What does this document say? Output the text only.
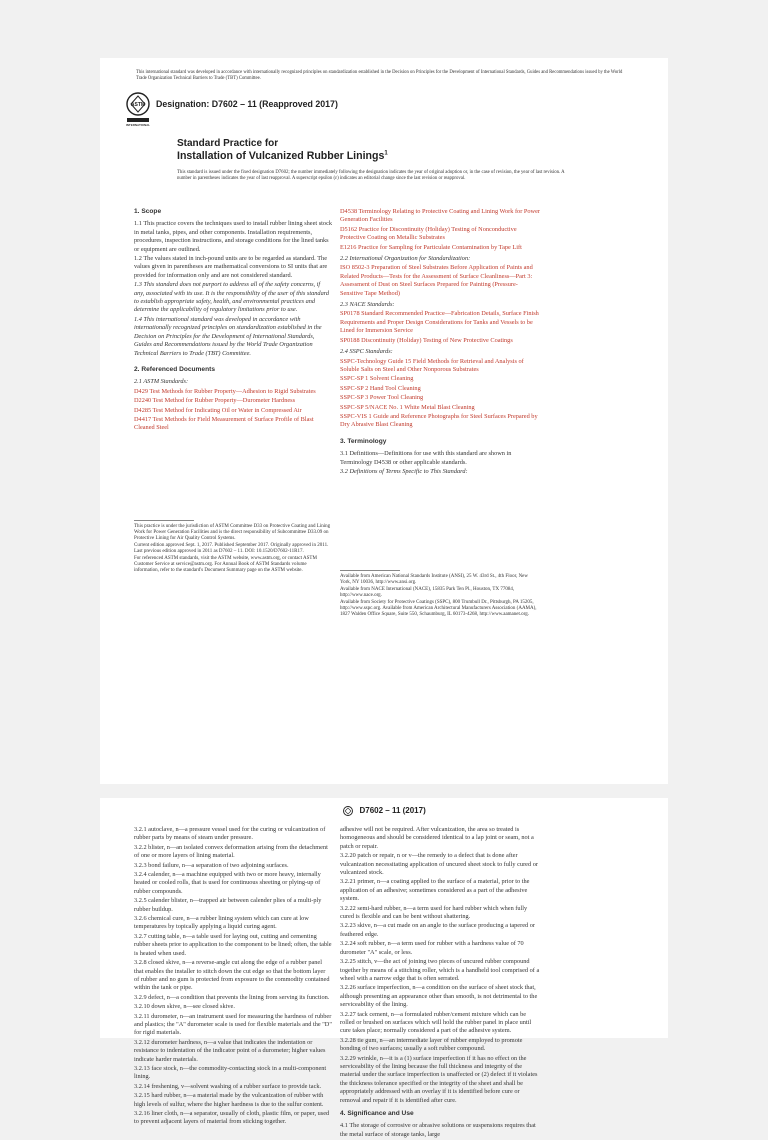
This international standard was developed in accordance with internationally recognized principles on standardization established in the Decision on Principles for the Development of International Standards, Guides and Recommendations issued by the World Trade Organization Technical Barriers to Trade (TBT) Committee.
ASTM
INTERNATIONAL
Designation: D7602 – 11 (Reapproved 2017)
Standard Practice for
Installation of Vulcanized Rubber Linings$^1$
This standard is issued under the fixed designation D7602; the number immediately following the designation indicates the year of original adoption or, in the case of revision, the year of last revision. A number in parentheses indicates the year of last reapproval. A superscript epsilon (ε) indicates an editorial change since the last revision or reapproval.
1. Scope

1.1 This practice covers the techniques used to install rubber lining sheet stock in metal tanks, pipes, and other components. Installation requirements, procedures, inspection instructions, and storage conditions for the lined tanks or equipment are outlined.

1.2 The values stated in inch-pound units are to be regarded as standard. The values given in parentheses are mathematical conversions to SI units that are provided for information only and are not considered standard.

1.3 This standard does not purport to address all of the safety concerns, if any, associated with its use. It is the responsibility of the user of this standard to establish appropriate safety, health, and environmental practices and determine the applicability of regulatory limitations prior to use.

1.4 This international standard was developed in accordance with internationally recognized principles on standardization established in the Decision on Principles for the Development of International Standards, Guides and Recommendations issued by the World Trade Organization Technical Barriers to Trade (TBT) Committee.

2. Referenced Documents

2.1 ASTM Standards:

D429 Test Methods for Rubber Property—Adhesion to Rigid Substrates

D2240 Test Method for Rubber Property—Durometer Hardness

D4285 Test Method for Indicating Oil or Water in Compressed Air

D4417 Test Methods for Field Measurement of Surface Profile of Blast Cleaned Steel

This practice is under the jurisdiction of ASTM Committee D33 on Protective Coating and Lining Work for Power Generation Facilities and is the direct responsibility of Subcommittee D33.09 on Protective Lining for Air Quality Control Systems.

Current edition approved Sept. 1, 2017. Published September 2017. Originally approved in 2011. Last previous edition approved in 2011 as D7602 – 11. DOI: 10.1520/D7602-11R17.

For referenced ASTM standards, visit the ASTM website, www.astm.org, or contact ASTM Customer Service at service@astm.org. For Annual Book of ASTM Standards volume information, refer to the standard's Document Summary page on the ASTM website.

D4538 Terminology Relating to Protective Coating and Lining Work for Power Generation Facilities

D5162 Practice for Discontinuity (Holiday) Testing of Nonconductive Protective Coating on Metallic Substrates

E1216 Practice for Sampling for Particulate Contamination by Tape Lift

2.2 International Organization for Standardization:

ISO 8502-3 Preparation of Steel Substrates Before Application of Paints and Related Products—Tests for the Assessment of Surface Cleanliness—Part 3: Assessment of Dust on Steel Surfaces Prepared for Painting (Pressure-Sensitive Tape Method)

2.3 NACE Standards:

SP0178 Standard Recommended Practice—Fabrication Details, Surface Finish Requirements and Proper Design Considerations for Tanks and Vessels to be Lined for Immersion Service

SP0188 Discontinuity (Holiday) Testing of New Protective Coatings

2.4 SSPC Standards:

SSPC-Technology Guide 15 Field Methods for Retrieval and Analysis of Soluble Salts on Steel and Other Nonporous Substrates

SSPC-SP 1 Solvent Cleaning

SSPC-SP 2 Hand Tool Cleaning

SSPC-SP 3 Power Tool Cleaning

SSPC-SP 5/NACE No. 1 White Metal Blast Cleaning

SSPC-VIS 1 Guide and Reference Photographs for Steel Surfaces Prepared by Dry Abrasive Blast Cleaning

3. Terminology

3.1 Definitions—Definitions for use with this standard are shown in Terminology D4538 or other applicable standards.

3.2 Definitions of Terms Specific to This Standard:

Available from American National Standards Institute (ANSI), 25 W. 43rd St., 4th Floor, New York, NY 10036, http://www.ansi.org.

Available from NACE International (NACE), 15835 Park Ten Pl., Houston, TX 77084, http://www.nace.org.

Available from Society for Protective Coatings (SSPC), 800 Trumbull Dr., Pittsburgh, PA 15205, http://www.sspc.org. Available from American Architectural Manufacturers Association (AAMA), 1827 Walden Office Square, Suite 550, Schaumburg, IL 60173-4268, http://www.aamanet.org.

D7602 – 11 (2017)

3.2.1 autoclave, n—a pressure vessel used for the curing or vulcanization of rubber parts by means of steam under pressure.

3.2.2 blister, n—an isolated convex deformation arising from the detachment of one or more layers of lining material.

3.2.3 bond failure, n—a separation of two adjoining surfaces.

3.2.4 calender, n—a machine equipped with two or more heavy, internally heated or cooled rolls, that is used for continuous sheeting or plying-up of rubber compounds.

3.2.5 calender blister, n—trapped air between calender plies of a multi-ply rubber buildup.

3.2.6 chemical cure, n—a rubber lining system which can cure at low temperatures by topically applying a liquid curing agent.

3.2.7 cutting table, n—a table used for laying out, cutting and cementing rubber sheets prior to application to the component to be lined; often, the table is heated when used.

3.2.8 closed skive, n—a reverse-angle cut along the edge of a rubber panel that enables the installer to stitch down the cut edge so that the bottom layer of rubber and no gum is protected from exposure to the commodity contained within the tank or pipe.

3.2.9 defect, n—a condition that prevents the lining from serving its function.

3.2.10 down skive, n—see closed skive.

3.2.11 durometer, n—an instrument used for measuring the hardness of rubber and plastics; the "A" durometer scale is used for flexible materials and the "D" for rigid materials.

3.2.12 durometer hardness, n—a value that indicates the indentation or resistance to indentation of the indicator point of a durometer; higher values indicate harder materials.

3.2.13 face stock, n—the commodity-contacting stock in a multi-component lining.

3.2.14 freshening, v—solvent washing of a rubber surface to provide tack.

3.2.15 hard rubber, n—a material made by the vulcanization of rubber with high levels of sulfur, where the higher hardness is due to the sulfur content.

3.2.16 liner cloth, n—a separator, usually of cloth, plastic film, or paper, used to prevent adjacent layers of material from sticking together.

adhesive will not be required. After vulcanization, the area so treated is homogeneous and should be considered identical to a lap joint or seam, not a patch or repair.

3.2.20 patch or repair, n or v—the remedy to a defect that is done after vulcanization necessitating application of uncured sheet stock to fully cured or vulcanized stock.

3.2.21 primer, n—a coating applied to the surface of a material, prior to the application of an adhesive; sometimes considered as a part of the adhesive system.

3.2.22 semi-hard rubber, n—a term used for hard rubber which when fully cured is flexible and can be bent without shattering.

3.2.23 skive, n—a cut made on an angle to the surface producing a tapered or feathered edge.

3.2.24 soft rubber, n—a term used for rubber with a hardness value of 70 durometer "A" scale, or less.

3.2.25 stitch, v—the act of joining two pieces of uncured rubber compound together by means of a stitching roller, which is a handheld tool comprised of a wheel with a narrow edge that is often serrated.

3.2.26 surface imperfection, n—a condition on the surface of sheet stock that, although presenting an appearance other than smooth, is not detrimental to the serviceability of the lining.

3.2.27 tack cement, n—a formulated rubber/cement mixture which can be rolled or brushed on surfaces which will hold the rubber panel in place until cure takes place; normally considered a part of the adhesive system.

3.2.28 tie gum, n—an intermediate layer of rubber employed to promote bonding of two surfaces; usually a soft rubber compound.

3.2.29 wrinkle, n—it is a (1) surface imperfection if it has no effect on the serviceability of the lining because the full thickness and integrity of the material under the surface imperfection is unaffected or (2) defect if it violates the thickness tolerance specified or the integrity of the sheet and shall be appropriately addressed with an overlay if it is identified before cure or removal and repair if it is identified after cure.

4. Significance and Use

4.1 The storage of corrosive or abrasive solutions or suspensions requires that the metal surface of storage tanks, large
